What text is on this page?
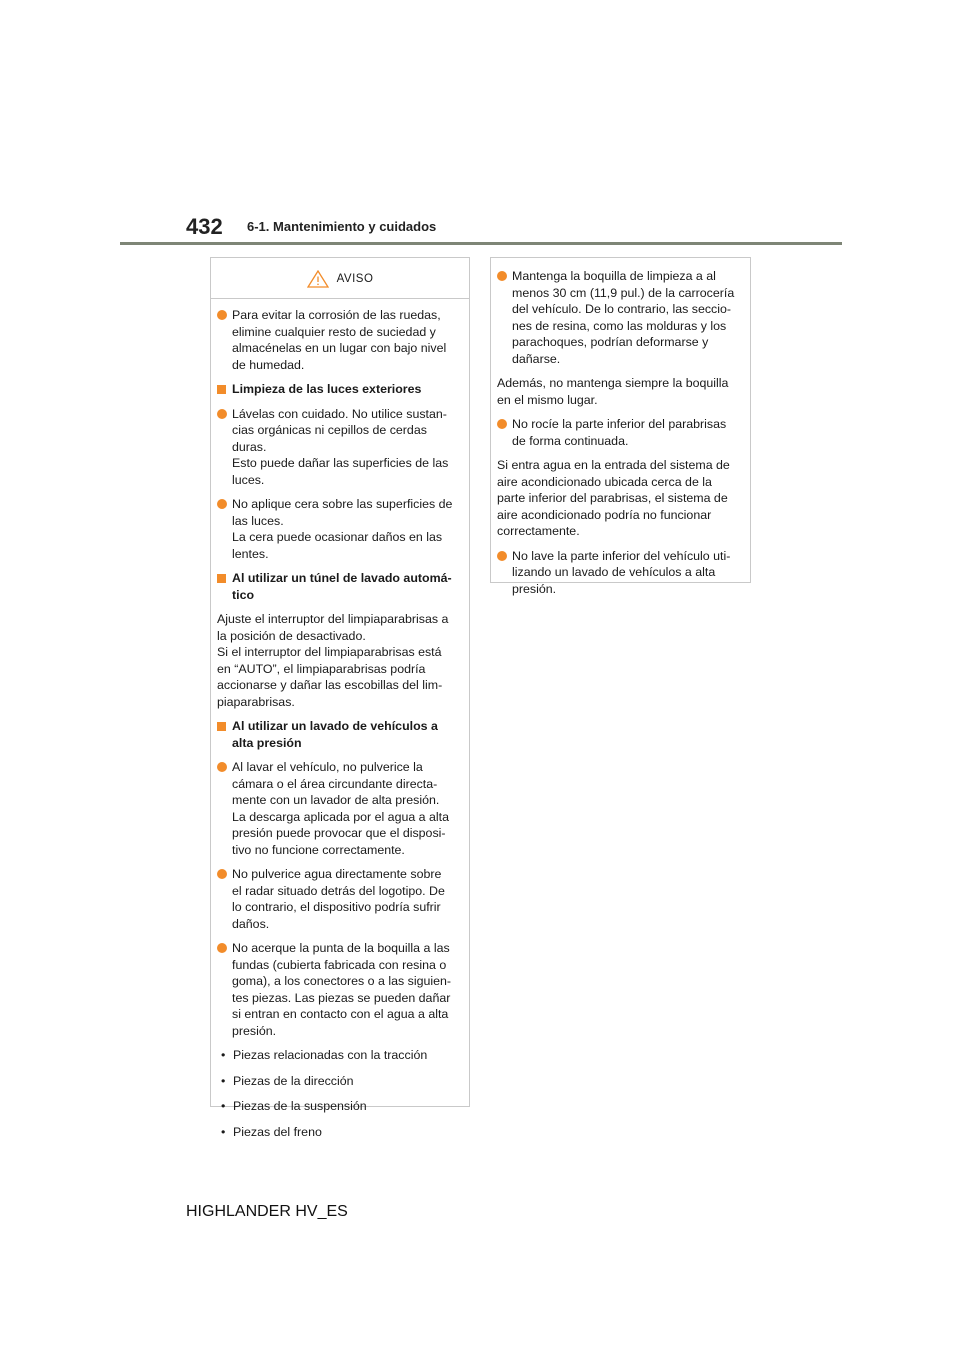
432 6-1. Mantenimiento y cuidados
AVISO
Para evitar la corrosión de las ruedas,
elimine cualquier resto de suciedad y
almacénelas en un lugar con bajo nivel
de humedad.
Limpieza de las luces exteriores
Lávelas con cuidado. No utilice sustan-
cias orgánicas ni cepillos de cerdas
duras.
Esto puede dañar las superficies de las
luces.
No aplique cera sobre las superficies de
las luces.
La cera puede ocasionar daños en las
lentes.
Al utilizar un túnel de lavado automá-
tico
Ajuste el interruptor del limpiaparabrisas a
la posición de desactivado.
Si el interruptor del limpiaparabrisas está
en “AUTO”, el limpiaparabrisas podría
accionarse y dañar las escobillas del lim-
piaparabrisas.
Al utilizar un lavado de vehículos a
alta presión
Al lavar el vehículo, no pulverice la
cámara o el área circundante directa-
mente con un lavador de alta presión.
La descarga aplicada por el agua a alta
presión puede provocar que el disposi-
tivo no funcione correctamente.
No pulverice agua directamente sobre
el radar situado detrás del logotipo. De
lo contrario, el dispositivo podría sufrir
daños.
No acerque la punta de la boquilla a las
fundas (cubierta fabricada con resina o
goma), a los conectores o a las siguien-
tes piezas. Las piezas se pueden dañar
si entran en contacto con el agua a alta
presión.
• Piezas relacionadas con la tracción
• Piezas de la dirección
• Piezas de la suspensión
• Piezas del freno
Mantenga la boquilla de limpieza a al
menos 30 cm (11,9 pul.) de la carrocería
del vehículo. De lo contrario, las seccio-
nes de resina, como las molduras y los
parachoques, podrían deformarse y
dañarse.
Además, no mantenga siempre la boquilla
en el mismo lugar.
No rocíe la parte inferior del parabrisas
de forma continuada.
Si entra agua en la entrada del sistema de
aire acondicionado ubicada cerca de la
parte inferior del parabrisas, el sistema de
aire acondicionado podría no funcionar
correctamente.
No lave la parte inferior del vehículo uti-
lizando un lavado de vehículos a alta
presión.
HIGHLANDER HV_ES
